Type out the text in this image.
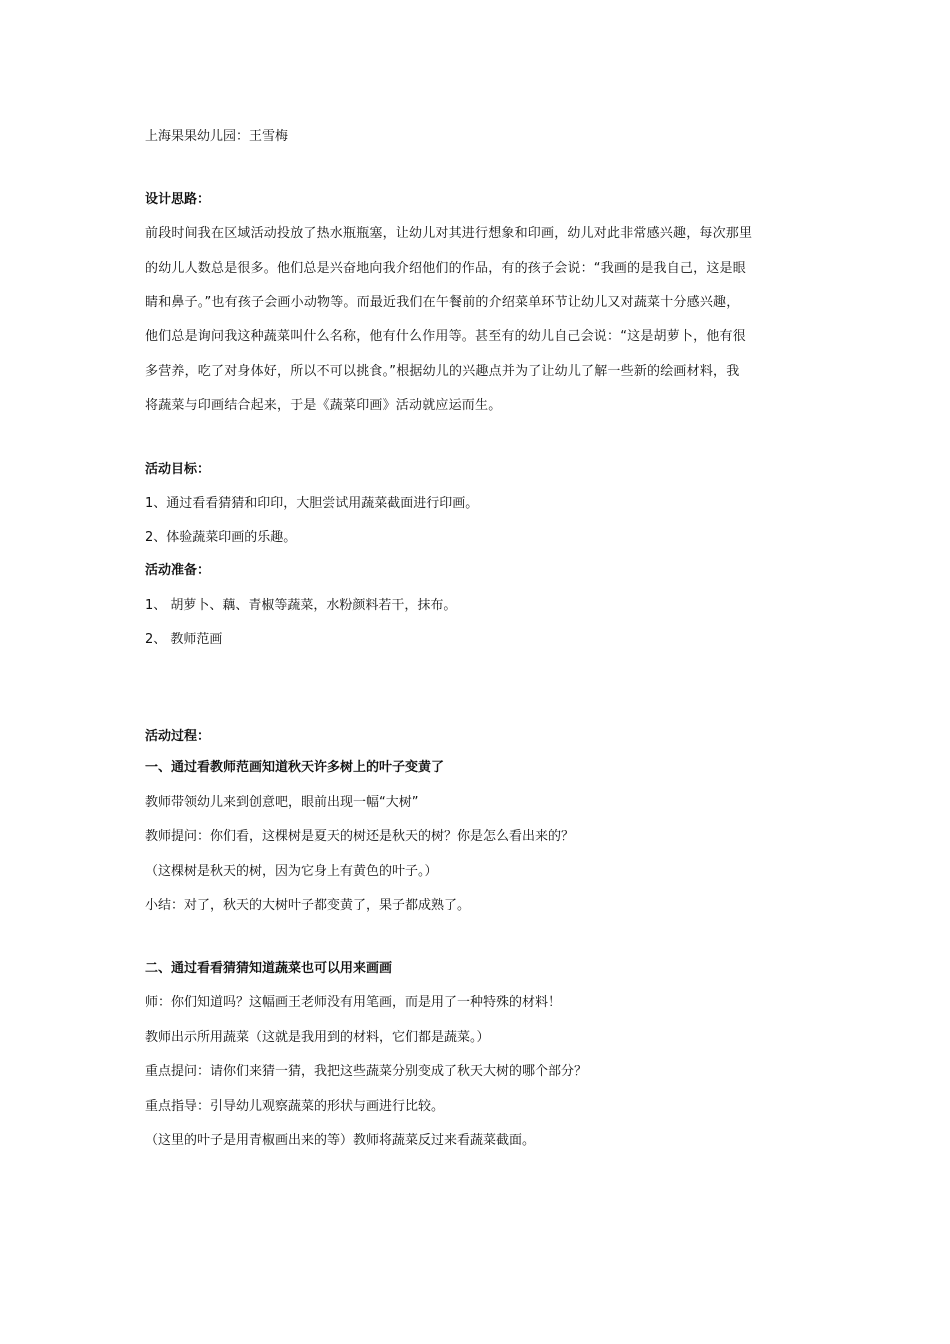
上海果果幼儿园：王雪梅
设计思路：
前段时间我在区域活动投放了热水瓶瓶塞，让幼儿对其进行想象和印画，幼儿对此非常感兴趣，每次那里
的幼儿人数总是很多。他们总是兴奋地向我介绍他们的作品，有的孩子会说：“我画的是我自己，这是眼
睛和鼻子。”也有孩子会画小动物等。而最近我们在午餐前的介绍菜单环节让幼儿又对蔬菜十分感兴趣，
他们总是询问我这种蔬菜叫什么名称，他有什么作用等。甚至有的幼儿自己会说：“这是胡萝卜，他有很
多营养，吃了对身体好，所以不可以挑食。”根据幼儿的兴趣点并为了让幼儿了解一些新的绘画材料，我
将蔬菜与印画结合起来，于是《蔬菜印画》活动就应运而生。
活动目标：
1、通过看看猜猜和印印，大胆尝试用蔬菜截面进行印画。
2、体验蔬菜印画的乐趣。
活动准备：
1、 胡萝卜、藕、青椒等蔬菜，水粉颜料若干，抹布。
2、 教师范画
活动过程：
一、通过看教师范画知道秋天许多树上的叶子变黄了
教师带领幼儿来到创意吧，眼前出现一幅“大树”
教师提问：你们看，这棵树是夏天的树还是秋天的树？你是怎么看出来的？
（这棵树是秋天的树，因为它身上有黄色的叶子。）
小结：对了，秋天的大树叶子都变黄了，果子都成熟了。
二、通过看看猜猜知道蔬菜也可以用来画画
师：你们知道吗？这幅画王老师没有用笔画，而是用了一种特殊的材料！
教师出示所用蔬菜（这就是我用到的材料，它们都是蔬菜。）
重点提问：请你们来猜一猜，我把这些蔬菜分别变成了秋天大树的哪个部分？
重点指导：引导幼儿观察蔬菜的形状与画进行比较。
（这里的叶子是用青椒画出来的等）教师将蔬菜反过来看蔬菜截面。
